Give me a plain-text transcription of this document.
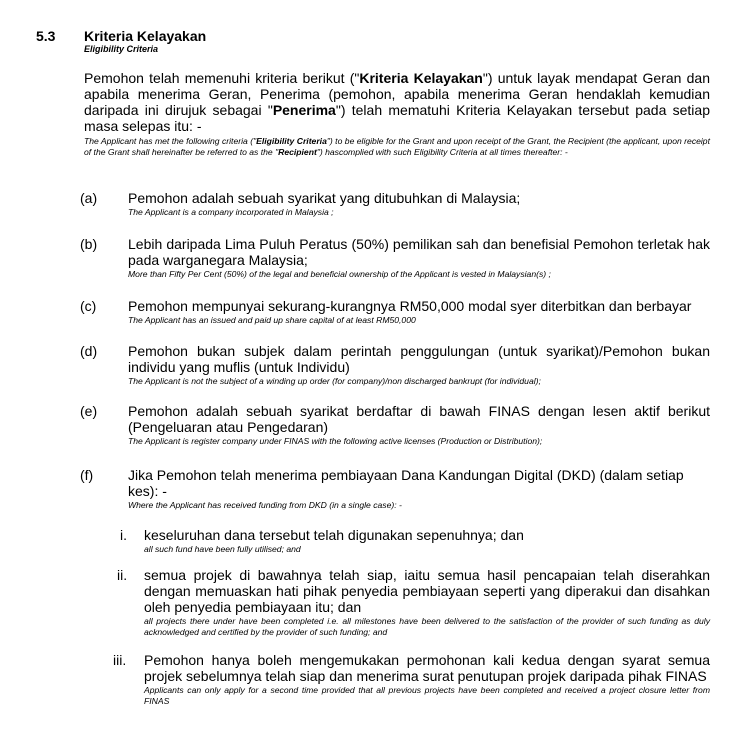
5.3 Kriteria Kelayakan
Eligibility Criteria

Pemohon telah memenuhi kriteria berikut ("Kriteria Kelayakan") untuk layak mendapat Geran dan apabila menerima Geran, Penerima (pemohon, apabila menerima Geran hendaklah kemudian daripada ini dirujuk sebagai "Penerima") telah mematuhi Kriteria Kelayakan tersebut pada setiap masa selepas itu: -

The Applicant has met the following criteria ("Eligibility Criteria") to be eligible for the Grant and upon receipt of the Grant, the Recipient (the applicant, upon receipt of the Grant shall hereinafter be referred to as the "Recipient") hascomplied with such Eligibility Criteria at all times thereafter: -

(a) Pemohon adalah sebuah syarikat yang ditubuhkan di Malaysia;

The Applicant is a company incorporated in Malaysia ;

(b) Lebih daripada Lima Puluh Peratus (50%) pemilikan sah dan benefisial Pemohon terletak hak pada warganegara Malaysia;

More than Fifty Per Cent (50%) of the legal and beneficial ownership of the Applicant is vested in Malaysian(s) ;

(c) Pemohon mempunyai sekurang-kurangnya RM50,000 modal syer diterbitkan dan berbayar

The Applicant has an issued and paid up share capital of at least RM50,000

(d) Pemohon bukan subjek dalam perintah penggulungan (untuk syarikat)/Pemohon bukan individu yang muflis (untuk Individu)

The Applicant is not the subject of a winding up order (for company)/non discharged bankrupt (for individual);

(e) Pemohon adalah sebuah syarikat berdaftar di bawah FINAS dengan lesen aktif berikut (Pengeluaran atau Pengedaran)

The Applicant is register company under FINAS with the following active licenses (Production or Distribution);

(f) Jika Pemohon telah menerima pembiayaan Dana Kandungan Digital (DKD) (dalam setiap kes): -

Where the Applicant has received funding from DKD (in a single case): -

i. keseluruhan dana tersebut telah digunakan sepenuhnya; dan

all such fund have been fully utilised; and

ii. semua projek di bawahnya telah siap, iaitu semua hasil pencapaian telah diserahkan dengan memuaskan hati pihak penyedia pembiayaan seperti yang diperakui dan disahkan oleh penyedia pembiayaan itu; dan

all projects there under have been completed i.e. all milestones have been delivered to the satisfaction of the provider of such funding as duly acknowledged and certified by the provider of such funding; and

iii. Pemohon hanya boleh mengemukakan permohonan kali kedua dengan syarat semua projek sebelumnya telah siap dan menerima surat penutupan projek daripada pihak FINAS

Applicants can only apply for a second time provided that all previous projects have been completed and received a project closure letter from FINAS
